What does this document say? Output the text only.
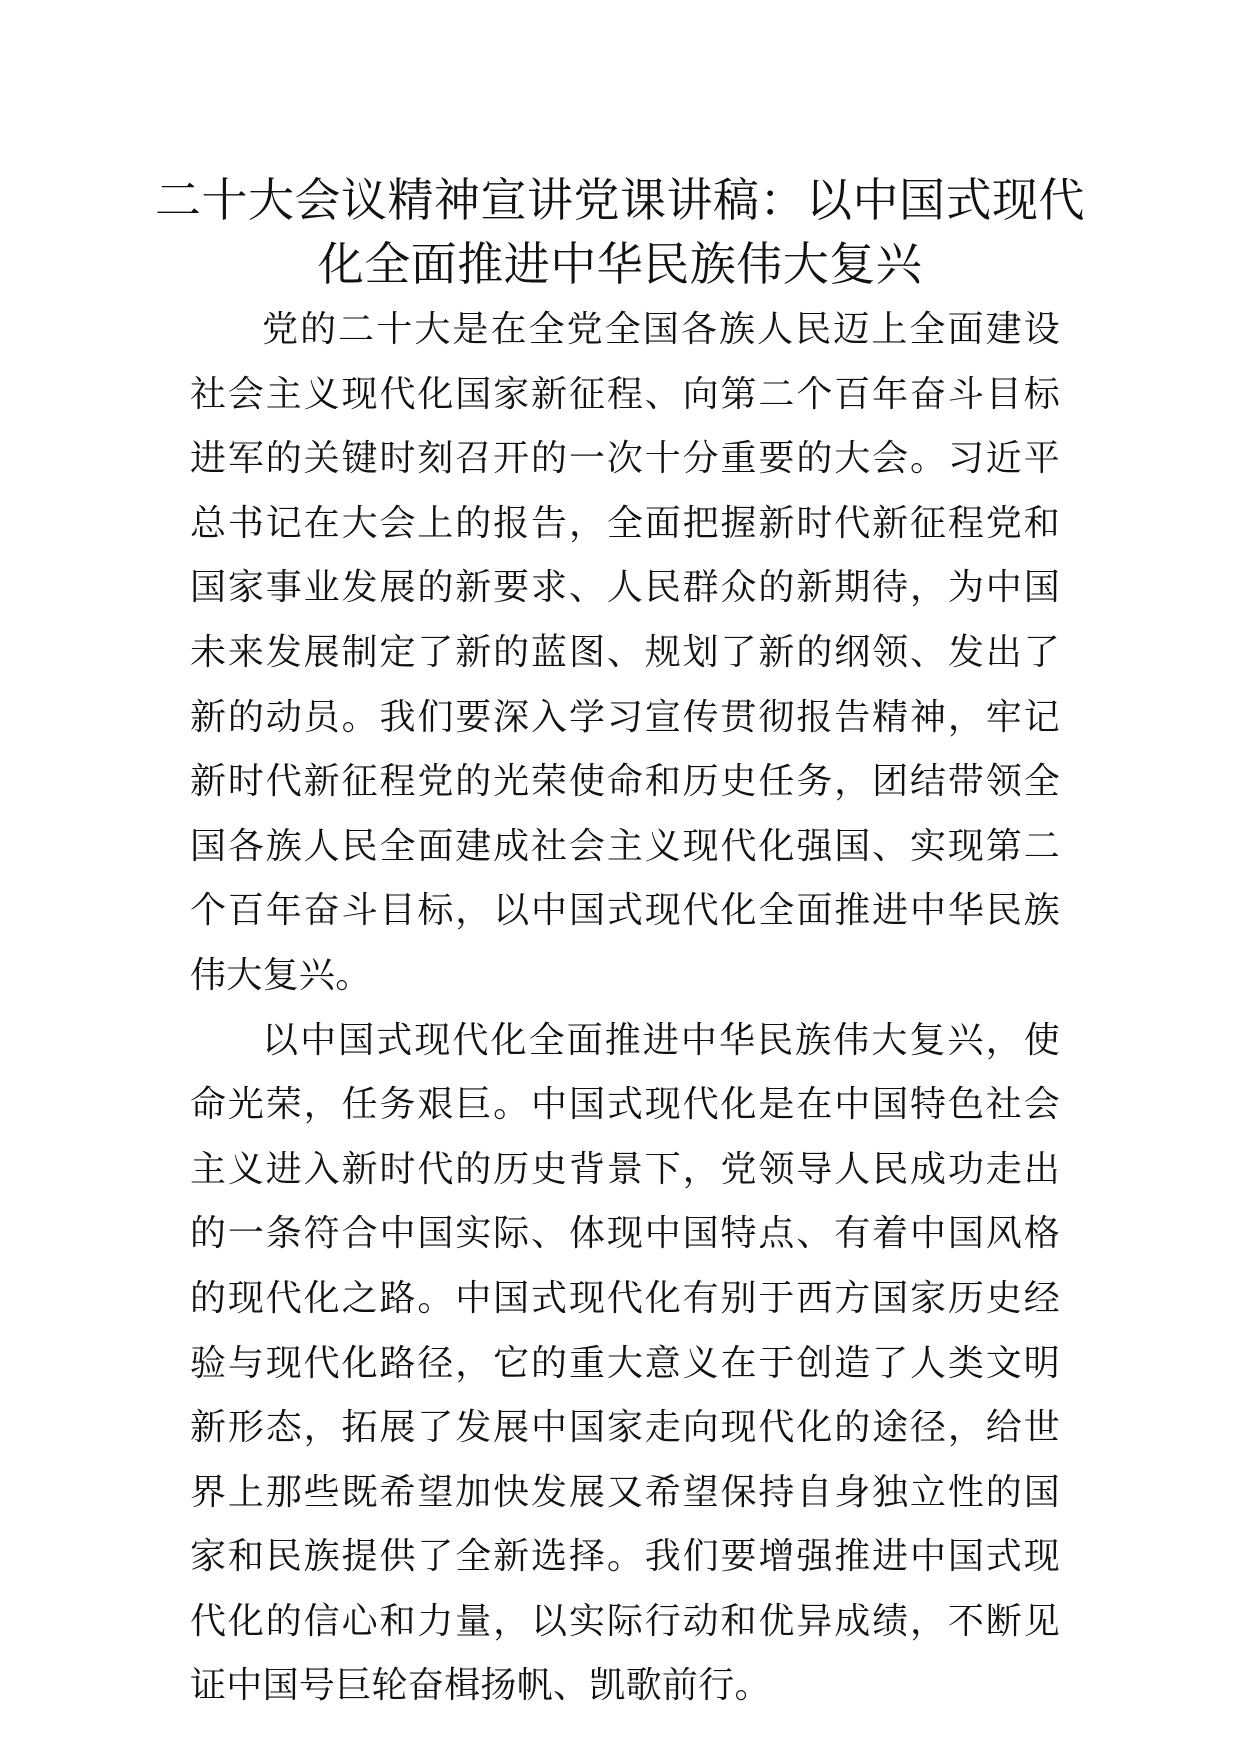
二十大会议精神宣讲党课讲稿：以中国式现代化全面推进中华民族伟大复兴

党的二十大是在全党全国各族人民迈上全面建设社会主义现代化国家新征程、向第二个百年奋斗目标进军的关键时刻召开的一次十分重要的大会。习近平总书记在大会上的报告，全面把握新时代新征程党和国家事业发展的新要求、人民群众的新期待，为中国未来发展制定了新的蓝图、规划了新的纲领、发出了新的动员。我们要深入学习宣传贯彻报告精神，牢记新时代新征程党的光荣使命和历史任务，团结带领全国各族人民全面建成社会主义现代化强国、实现第二个百年奋斗目标，以中国式现代化全面推进中华民族伟大复兴。

以中国式现代化全面推进中华民族伟大复兴，使命光荣，任务艰巨。中国式现代化是在中国特色社会主义进入新时代的历史背景下，党领导人民成功走出的一条符合中国实际、体现中国特点、有着中国风格的现代化之路。中国式现代化有别于西方国家历史经验与现代化路径，它的重大意义在于创造了人类文明新形态，拓展了发展中国家走向现代化的途径，给世界上那些既希望加快发展又希望保持自身独立性的国家和民族提供了全新选择。我们要增强推进中国式现代化的信心和力量，以实际行动和优异成绩，不断见证中国号巨轮奋楫扬帆、凯歌前行。
